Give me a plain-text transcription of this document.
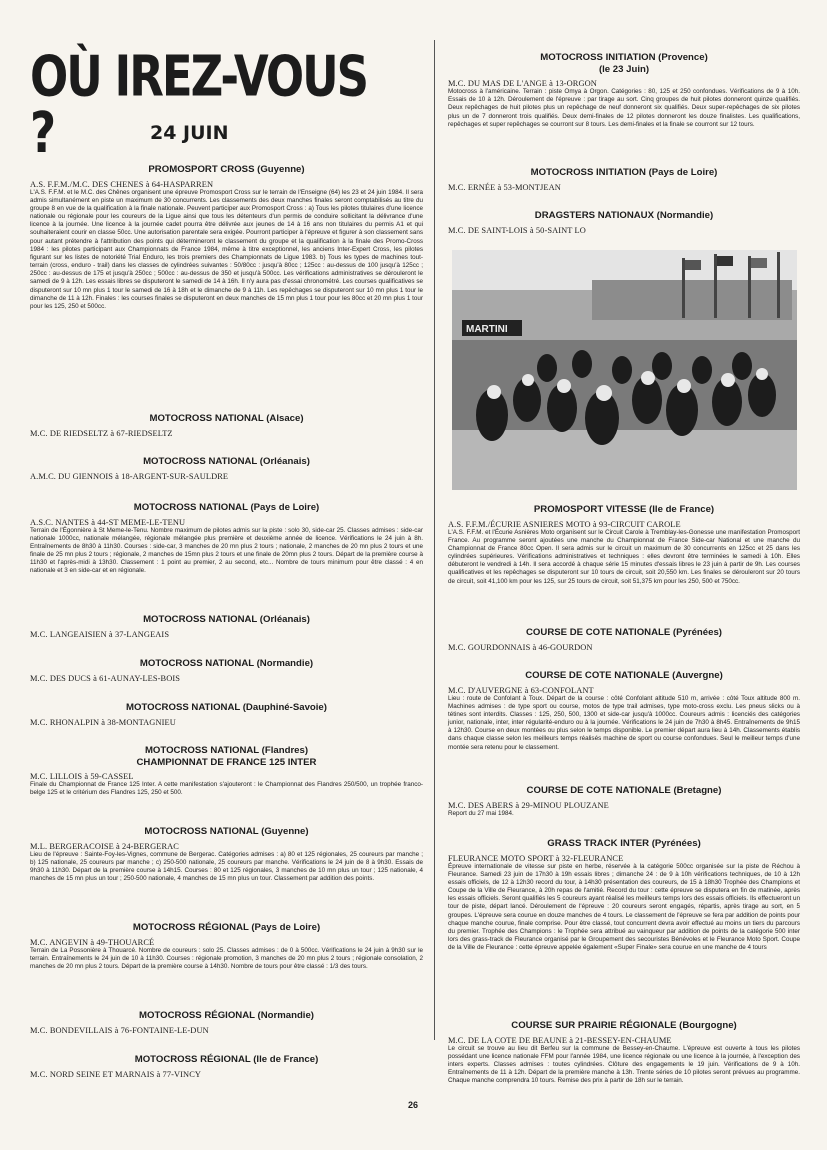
OÙ IREZ-VOUS ?	24 JUIN
PROMOSPORT CROSS (Guyenne)

A.S. F.F.M./M.C. DES CHENES à 64-HASPARREN

L'A.S. F.F.M. et le M.C. des Chênes organisent une épreuve Promosport Cross sur le terrain de l'Enseigne (64) les 23 et 24 juin 1984. Il sera admis simultanément en piste un maximum de 30 concurrents. Les classements des deux manches finales seront comptabilisés au titre du groupe 8 en vue de la qualification à la finale nationale. Peuvent participer aux Promosport Cross : a) Tous les pilotes titulaires d'une licence nationale ou régionale pour les coureurs de la Ligue ainsi que tous les détenteurs d'un permis de conduire sollicitant la délivrance d'une licence à la journée. Une licence à la journée cadet pourra être délivrée aux jeunes de 14 à 16 ans non titulaires du permis A1 et qui souhaiteraient courir en classe 50cc. Une autorisation parentale sera exigée. Pourront participer à l'épreuve et figurer à son classement sans pour autant prétendre à l'attribution des points qui détermineront le classement du groupe et la qualification à la finale des Promo-Cross 1984 : les pilotes participant aux Championnats de France 1984, même à titre exceptionnel, les anciens Inter-Expert Cross, les pilotes figurant sur les listes de notoriété Trial Enduro, les trois premiers des Championnats de Ligue 1983. b) Tous les types de machines tout-terrain (cross, enduro - trail) dans les classes de cylindrées suivantes : 50/80cc : jusqu'à 80cc ; 125cc : au-dessus de 100 jusqu'à 125cc ; 250cc : au-dessus de 175 et jusqu'à 250cc ; 500cc : au-dessus de 350 et jusqu'à 500cc. Les vérifications administratives se dérouleront le samedi de 9 à 12h. Les essais libres se disputeront le samedi de 14 à 16h. Il n'y aura pas d'essai chronométré. Les courses qualificatives se disputeront sur 10 mn plus 1 tour le samedi de 16 à 18h et le dimanche de 9 à 11h. Les repêchages se disputeront sur 10 mn plus 1 tour le dimanche de 11 à 12h. Finales : les courses finales se disputeront en deux manches de 15 mn plus 1 tour pour les 80cc et 20 mn plus 1 tour pour les 125, 250 et 500cc.

MOTOCROSS NATIONAL (Alsace)

M.C. DE RIEDSELTZ à 67-RIEDSELTZ

MOTOCROSS NATIONAL (Orléanais)

A.M.C. DU GIENNOIS à 18-ARGENT-SUR-SAULDRE

MOTOCROSS NATIONAL (Pays de Loire)

A.S.C. NANTES à 44-ST MEME-LE-TENU

Terrain de l'Égonnière à St Meme-le-Tenu. Nombre maximum de pilotes admis sur la piste : solo 30, side-car 25. Classes admises : side-car nationale 1000cc, nationale mélangée, régionale mélangée plus première et deuxième année de licence. Vérifications le 24 juin à 8h. Entraînements de 8h30 à 11h30. Courses : side-car, 3 manches de 20 mn plus 2 tours ; nationale, 2 manches de 20 mn plus 2 tours et une finale de 25 mn plus 2 tours ; régionale, 2 manches de 15mn plus 2 tours et une finale de 20mn plus 2 tours. Départ de la première course à 11h30 et l'après-midi à 13h30. Classement : 1 point au premier, 2 au second, etc... Nombre de tours minimum pour être classé : 4 en nationale et 3 en side-car et en régionale.

MOTOCROSS NATIONAL (Orléanais)

M.C. LANGEAISIEN à 37-LANGEAIS

MOTOCROSS NATIONAL (Normandie)

M.C. DES DUCS à 61-AUNAY-LES-BOIS

MOTOCROSS NATIONAL (Dauphiné-Savoie)

M.C. RHONALPIN à 38-MONTAGNIEU

MOTOCROSS NATIONAL (Flandres)
CHAMPIONNAT DE FRANCE 125 INTER

M.C. LILLOIS à 59-CASSEL

Finale du Championnat de France 125 Inter. A cette manifestation s'ajouteront : le Championnat des Flandres 250/500, un trophée franco-belge 125 et le critérium des Flandres 125, 250 et 500.

MOTOCROSS NATIONAL (Guyenne)

M.L. BERGERACOISE à 24-BERGERAC

Lieu de l'épreuve : Sainte-Foy-les-Vignes, commune de Bergerac. Catégories admises : a) 80 et 125 régionales, 25 coureurs par manche ; b) 125 nationale, 25 coureurs par manche ; c) 250-500 nationale, 25 coureurs par manche. Vérifications le 24 juin de 8 à 9h30. Essais de 9h30 à 11h30. Départ de la première course à 14h15. Courses : 80 et 125 régionales, 3 manches de 10 mn plus un tour ; 125 nationale, 4 manches de 15 mn plus un tour ; 250-500 nationale, 4 manches de 15 mn plus un tour. Classement par addition des points.

MOTOCROSS RÉGIONAL (Pays de Loire)

M.C. ANGEVIN à 49-THOUARCÉ

Terrain de La Possonière à Thouarcé. Nombre de coureurs : solo 25. Classes admises : de 0 à 500cc. Vérifications le 24 juin à 9h30 sur le terrain. Entraînements le 24 juin de 10 à 11h30. Courses : régionale promotion, 3 manches de 20 mn plus 2 tours ; régionale consolation, 2 manches de 20 mn plus 2 tours. Départ de la première course à 14h30. Nombre de tours pour être classé : 1/3 des tours.

MOTOCROSS RÉGIONAL (Normandie)

M.C. BONDEVILLAIS à 76-FONTAINE-LE-DUN

MOTOCROSS RÉGIONAL (Ile de France)

M.C. NORD SEINE ET MARNAIS à 77-VINCY

MOTOCROSS INITIATION (Provence)
(le 23 Juin)

M.C. DU MAS DE L'ANGE à 13-ORGON

Motocross à l'américaine. Terrain : piste Omya à Orgon. Catégories : 80, 125 et 250 confondues. Vérifications de 9 à 10h. Essais de 10 à 12h. Déroulement de l'épreuve : par tirage au sort. Cinq groupes de huit pilotes donneront quinze qualifiés. Deux repêchages de huit pilotes plus un repêchage de neuf donneront six qualifiés. Deux super-repêchages de six pilotes plus un de 7 donneront trois qualifiés. Deux demi-finales de 12 pilotes donneront les douze finalistes. Les qualifications, repêchages et super repêchages se courront sur 8 tours. Les demi-finales et la finale se courront sur 12 tours.

MOTOCROSS INITIATION (Pays de Loire)

M.C. ERNÉE à 53-MONTJEAN

DRAGSTERS NATIONAUX (Normandie)

M.C. DE SAINT-LOIS à 50-SAINT LO

MARTINI
PROMOSPORT VITESSE (Ile de France)

A.S. F.F.M./ÉCURIE ASNIERES MOTO à 93-CIRCUIT CAROLE

L'A.S. F.F.M. et l'Écurie Asnières Moto organisent sur le Circuit Carole à Tremblay-les-Gonesse une manifestation Promosport France. Au programme seront ajoutées une manche du Championnat de France Side-car National et une manche du Championnat de France 80cc Open. Il sera admis sur le circuit un maximum de 30 concurrents en 125cc et 25 dans les cylindrées supérieures. Vérifications administratives et techniques : elles devront être terminées le samedi à 10h. Elles débuteront le vendredi à 14h. Il sera accordé à chaque série 15 minutes d'essais libres le 23 juin à partir de 9h. Les courses qualificatives et les repêchages se disputeront sur 10 tours de circuit, soit 20,550 km. Les finales se dérouleront sur 20 tours de circuit, soit 41,100 km pour les 125, sur 25 tours de circuit, soit 51,375 km pour les 250, 500 et 750cc.

COURSE DE COTE NATIONALE (Pyrénées)

M.C. GOURDONNAIS à 46-GOURDON

COURSE DE COTE NATIONALE (Auvergne)

M.C. D'AUVERGNE à 63-CONFOLANT

Lieu : route de Confolant à Toux. Départ de la course : côté Confolant altitude 510 m, arrivée : côté Toux altitude 800 m. Machines admises : de type sport ou course, motos de type trail admises, type moto-cross exclu. Les pneus slicks ou à tétines sont interdits. Classes : 125, 250, 500, 1300 et side-car jusqu'à 1000cc. Coureurs admis : licenciés des catégories junior, nationale, inter, inter régularité-enduro ou à la journée. Vérifications le 24 juin de 7h30 à 8h45. Entraînements de 9h15 à 12h30. Course en deux montées ou plus selon le temps disponible. Le premier départ aura lieu à 14h. Classements établis dans chaque classe selon les meilleurs temps réalisés machine de sport ou course confondues. Seul le meilleur temps d'une montée sera retenu pour le classement.

COURSE DE COTE NATIONALE (Bretagne)

M.C. DES ABERS à 29-MINOU PLOUZANE

Report du 27 mai 1984.

GRASS TRACK INTER (Pyrénées)

FLEURANCE MOTO SPORT à 32-FLEURANCE

Épreuve internationale de vitesse sur piste en herbe, réservée à la catégorie 500cc organisée sur la piste de Réchou à Fleurance. Samedi 23 juin de 17h30 à 19h essais libres ; dimanche 24 : de 9 à 10h vérifications techniques, de 10 à 12h essais officiels, de 12 à 12h30 record du tour, à 14h30 présentation des coureurs, de 15 à 18h30 Trophée des Champions et Coupe de la Ville de Fleurance, à 20h repas de l'amitié. Record du tour : cette épreuve se disputera en fin de matinée, après les essais officiels. Seront qualifiés les 5 coureurs ayant réalisé les meilleurs temps lors des essais officiels. Ils effectueront un tour de piste, départ lancé. Déroulement de l'épreuve : 20 coureurs seront engagés, répartis, après tirage au sort, en 5 groupes. L'épreuve sera courue en douze manches de 4 tours. Le classement de l'épreuve se fera par addition de points pour chaque manche courue, finale comprise. Pour être classé, tout concurrent devra avoir effectué au moins un tiers du parcours du premier. Trophée des Champions : le Trophée sera attribué au vainqueur par addition de points de la catégorie 500 inter lors des grass-track de Fleurance organisé par le Groupement des secouristes Bénévoles et le Fleurance Moto Sport. Coupe de la Ville de Fleurance : cette épreuve appelée également «Super Finale» sera courue en une manche de 4 tours

COURSE SUR PRAIRIE RÉGIONALE (Bourgogne)

M.C. DE LA COTE DE BEAUNE à 21-BESSEY-EN-CHAUME

Le circuit se trouve au lieu dit Berfeu sur la commune de Bessey-en-Chaume. L'épreuve est ouverte à tous les pilotes possédant une licence nationale FFM pour l'année 1984, une licence régionale ou une licence à la journée, à l'exception des inters experts. Classes admises : toutes cylindrées. Clôture des engagements le 19 juin. Vérifications de 9 à 10h. Entraînements de 11 à 12h. Départ de la première manche à 13h. Trente séries de 10 pilotes seront prévues au programme. Chaque manche comprendra 10 tours. Remise des prix à partir de 18h sur le terrain.

26
